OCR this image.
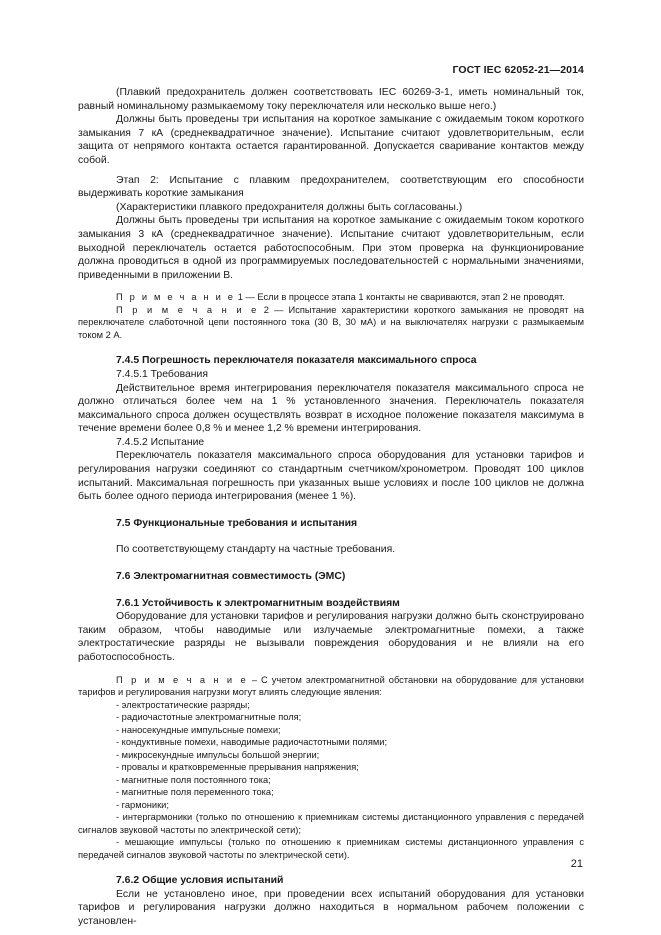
ГОСТ IEC 62052-21—2014

(Плавкий предохранитель должен соответствовать IEC 60269-3-1, иметь номинальный ток, равный номинальному размыкаемому току переключателя или несколько выше него.)

Должны быть проведены три испытания на короткое замыкание с ожидаемым током короткого замыкания 7 кА (среднеквадратичное значение). Испытание считают удовлетворительным, если защита от непрямого контакта остается гарантированной. Допускается сваривание контактов между собой.

Этап 2: Испытание с плавким предохранителем, соответствующим его способности выдерживать короткие замыкания

(Характеристики плавкого предохранителя должны быть согласованы.)

Должны быть проведены три испытания на короткое замыкание с ожидаемым током короткого замыкания 3 кА (среднеквадратичное значение). Испытание считают удовлетворительным, если выходной переключатель остается работоспособным. При этом проверка на функционирование должна проводиться в одной из программируемых последовательностей с нормальными значениями, приведенными в приложении В.

П р и м е ч а н и е 1 — Если в процессе этапа 1 контакты не свариваются, этап 2 не проводят.

П р и м е ч а н и е 2 — Испытание характеристики короткого замыкания не проводят на переключателе слаботочной цепи постоянного тока (30 В, 30 мА) и на выключателях нагрузки с размыкаемым током 2 А.

7.4.5 Погрешность переключателя показателя максимального спроса

7.4.5.1 Требования

Действительное время интегрирования переключателя показателя максимального спроса не должно отличаться более чем на 1 % установленного значения. Переключатель показателя максимального спроса должен осуществлять возврат в исходное положение показателя максимума в течение времени более 0,8 % и менее 1,2 % времени интегрирования.

7.4.5.2 Испытание

Переключатель показателя максимального спроса оборудования для установки тарифов и регулирования нагрузки соединяют со стандартным счетчиком/хронометром. Проводят 100 циклов испытаний. Максимальная погрешность при указанных выше условиях и после 100 циклов не должна быть более одного периода интегрирования (менее 1 %).

7.5 Функциональные требования и испытания

По соответствующему стандарту на частные требования.

7.6 Электромагнитная совместимость (ЭМС)

7.6.1 Устойчивость к электромагнитным воздействиям

Оборудование для установки тарифов и регулирования нагрузки должно быть сконструировано таким образом, чтобы наводимые или излучаемые электромагнитные помехи, а также электростатические разряды не вызывали повреждения оборудования и не влияли на его работоспособность.

П р и м е ч а н и е – С учетом электромагнитной обстановки на оборудование для установки тарифов и регулирования нагрузки могут влиять следующие явления:

- электростатические разряды;
- радиочастотные электромагнитные поля;
- наносекундные импульсные помехи;
- кондуктивные помехи, наводимые радиочастотными полями;
- микросекундные импульсы большой энергии;
- провалы и кратковременные прерывания напряжения;
- магнитные поля постоянного тока;
- магнитные поля переменного тока;
- гармоники;
- интергармоники (только по отношению к приемникам системы дистанционного управления с передачей сигналов звуковой частоты по электрической сети);
- мешающие импульсы (только по отношению к приемникам системы дистанционного управления с передачей сигналов звуковой частоты по электрической сети).

7.6.2 Общие условия испытаний

Если не установлено иное, при проведении всех испытаний оборудования для установки тарифов и регулирования нагрузки должно находиться в нормальном рабочем положении с установлен-

21
